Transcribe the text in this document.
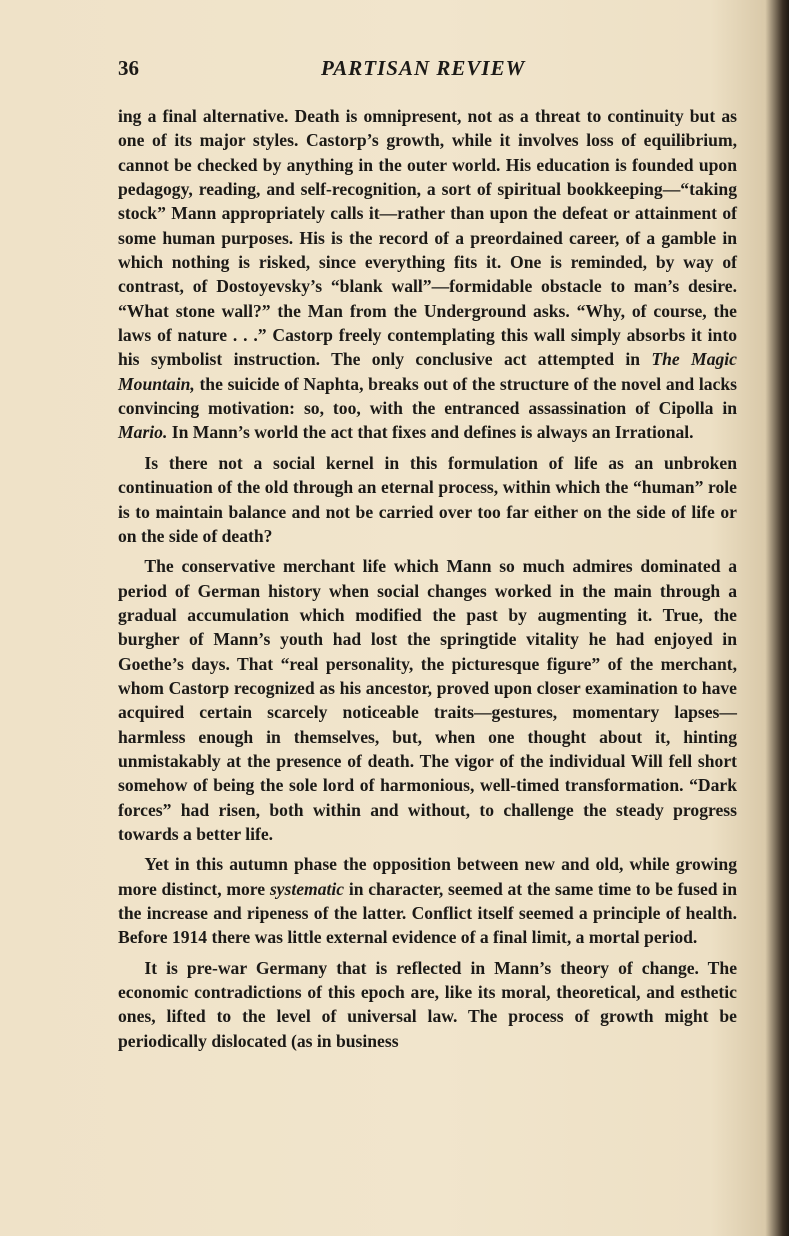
36	PARTISAN REVIEW

ing a final alternative. Death is omnipresent, not as a threat to continuity but as one of its major styles. Castorp’s growth, while it involves loss of equilibrium, cannot be checked by anything in the outer world. His education is founded upon pedagogy, reading, and self-recognition, a sort of spiritual bookkeeping—“taking stock” Mann appropriately calls it—rather than upon the defeat or attainment of some human purposes. His is the record of a preordained career, of a gamble in which nothing is risked, since everything fits it. One is reminded, by way of contrast, of Dostoyevsky’s “blank wall”—formidable obstacle to man’s desire. “What stone wall?” the Man from the Underground asks. “Why, of course, the laws of nature . . .” Castorp freely contemplating this wall simply absorbs it into his symbolist instruction. The only conclusive act attempted in The Magic Mountain, the suicide of Naphta, breaks out of the structure of the novel and lacks convincing motivation: so, too, with the entranced assassination of Cipolla in Mario. In Mann’s world the act that fixes and defines is always an Irrational.

Is there not a social kernel in this formulation of life as an unbroken continuation of the old through an eternal process, within which the “human” role is to maintain balance and not be carried over too far either on the side of life or on the side of death?

The conservative merchant life which Mann so much admires dominated a period of German history when social changes worked in the main through a gradual accumulation which modified the past by augmenting it. True, the burgher of Mann’s youth had lost the springtide vitality he had enjoyed in Goethe’s days. That “real personality, the picturesque figure” of the merchant, whom Castorp recognized as his ancestor, proved upon closer examination to have acquired certain scarcely noticeable traits—gestures, momentary lapses—harmless enough in themselves, but, when one thought about it, hinting unmistakably at the presence of death. The vigor of the individual Will fell short somehow of being the sole lord of harmonious, well-timed transformation. “Dark forces” had risen, both within and without, to challenge the steady progress towards a better life.

Yet in this autumn phase the opposition between new and old, while growing more distinct, more systematic in character, seemed at the same time to be fused in the increase and ripeness of the latter. Conflict itself seemed a principle of health. Before 1914 there was little external evidence of a final limit, a mortal period.

It is pre-war Germany that is reflected in Mann’s theory of change. The economic contradictions of this epoch are, like its moral, theoretical, and esthetic ones, lifted to the level of universal law. The process of growth might be periodically dislocated (as in business
